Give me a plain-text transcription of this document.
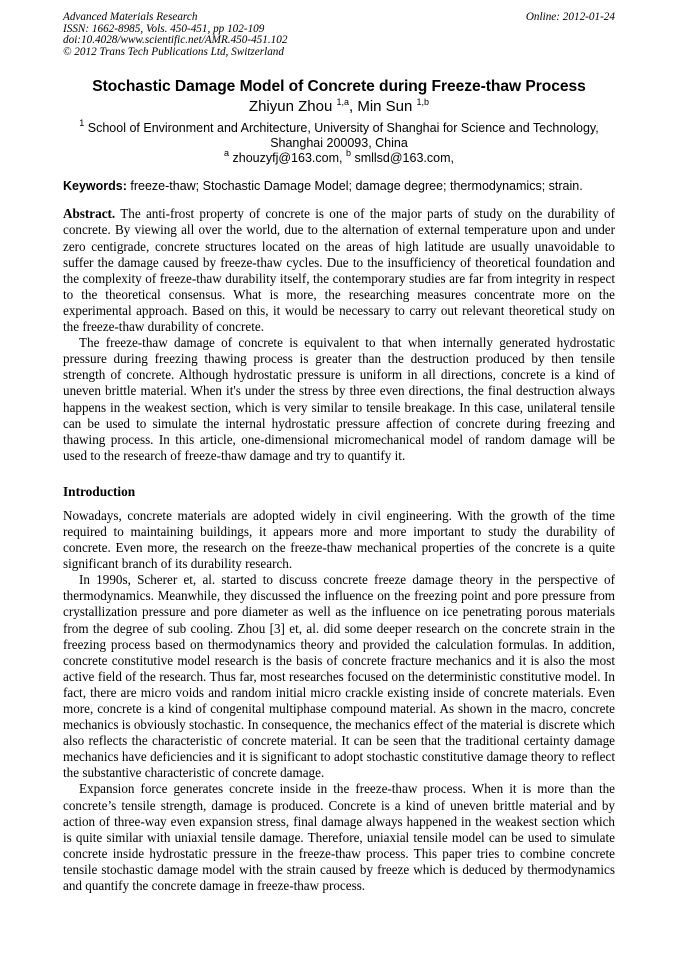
Advanced Materials Research
ISSN: 1662-8985, Vols. 450-451, pp 102-109
doi:10.4028/www.scientific.net/AMR.450-451.102
© 2012 Trans Tech Publications Ltd, Switzerland
Online: 2012-01-24
Stochastic Damage Model of Concrete during Freeze-thaw Process
Zhiyun Zhou $^{1,a}$, Min Sun $^{1,b}$
$^1$ School of Environment and Architecture, University of Shanghai for Science and Technology,
Shanghai 200093, China
$^a$ zhouzyfj@163.com, $^b$ smllsd@163.com,
Keywords: freeze-thaw; Stochastic Damage Model; damage degree; thermodynamics; strain.

Abstract. The anti-frost property of concrete is one of the major parts of study on the durability of concrete. By viewing all over the world, due to the alternation of external temperature upon and under zero centigrade, concrete structures located on the areas of high latitude are usually unavoidable to suffer the damage caused by freeze-thaw cycles. Due to the insufficiency of theoretical foundation and the complexity of freeze-thaw durability itself, the contemporary studies are far from integrity in respect to the theoretical consensus. What is more, the researching measures concentrate more on the experimental approach. Based on this, it would be necessary to carry out relevant theoretical study on the freeze-thaw durability of concrete.

The freeze-thaw damage of concrete is equivalent to that when internally generated hydrostatic pressure during freezing thawing process is greater than the destruction produced by then tensile strength of concrete. Although hydrostatic pressure is uniform in all directions, concrete is a kind of uneven brittle material. When it's under the stress by three even directions, the final destruction always happens in the weakest section, which is very similar to tensile breakage. In this case, unilateral tensile can be used to simulate the internal hydrostatic pressure affection of concrete during freezing and thawing process. In this article, one-dimensional micromechanical model of random damage will be used to the research of freeze-thaw damage and try to quantify it.

Introduction

Nowadays, concrete materials are adopted widely in civil engineering. With the growth of the time required to maintaining buildings, it appears more and more important to study the durability of concrete. Even more, the research on the freeze-thaw mechanical properties of the concrete is a quite significant branch of its durability research.

In 1990s, Scherer et, al. started to discuss concrete freeze damage theory in the perspective of thermodynamics. Meanwhile, they discussed the influence on the freezing point and pore pressure from crystallization pressure and pore diameter as well as the influence on ice penetrating porous materials from the degree of sub cooling. Zhou [3] et, al. did some deeper research on the concrete strain in the freezing process based on thermodynamics theory and provided the calculation formulas. In addition, concrete constitutive model research is the basis of concrete fracture mechanics and it is also the most active field of the research. Thus far, most researches focused on the deterministic constitutive model. In fact, there are micro voids and random initial micro crackle existing inside of concrete materials. Even more, concrete is a kind of congenital multiphase compound material. As shown in the macro, concrete mechanics is obviously stochastic. In consequence, the mechanics effect of the material is discrete which also reflects the characteristic of concrete material. It can be seen that the traditional certainty damage mechanics have deficiencies and it is significant to adopt stochastic constitutive damage theory to reflect the substantive characteristic of concrete damage.

Expansion force generates concrete inside in the freeze-thaw process. When it is more than the concrete’s tensile strength, damage is produced. Concrete is a kind of uneven brittle material and by action of three-way even expansion stress, final damage always happened in the weakest section which is quite similar with uniaxial tensile damage. Therefore, uniaxial tensile model can be used to simulate concrete inside hydrostatic pressure in the freeze-thaw process. This paper tries to combine concrete tensile stochastic damage model with the strain caused by freeze which is deduced by thermodynamics and quantify the concrete damage in freeze-thaw process.
